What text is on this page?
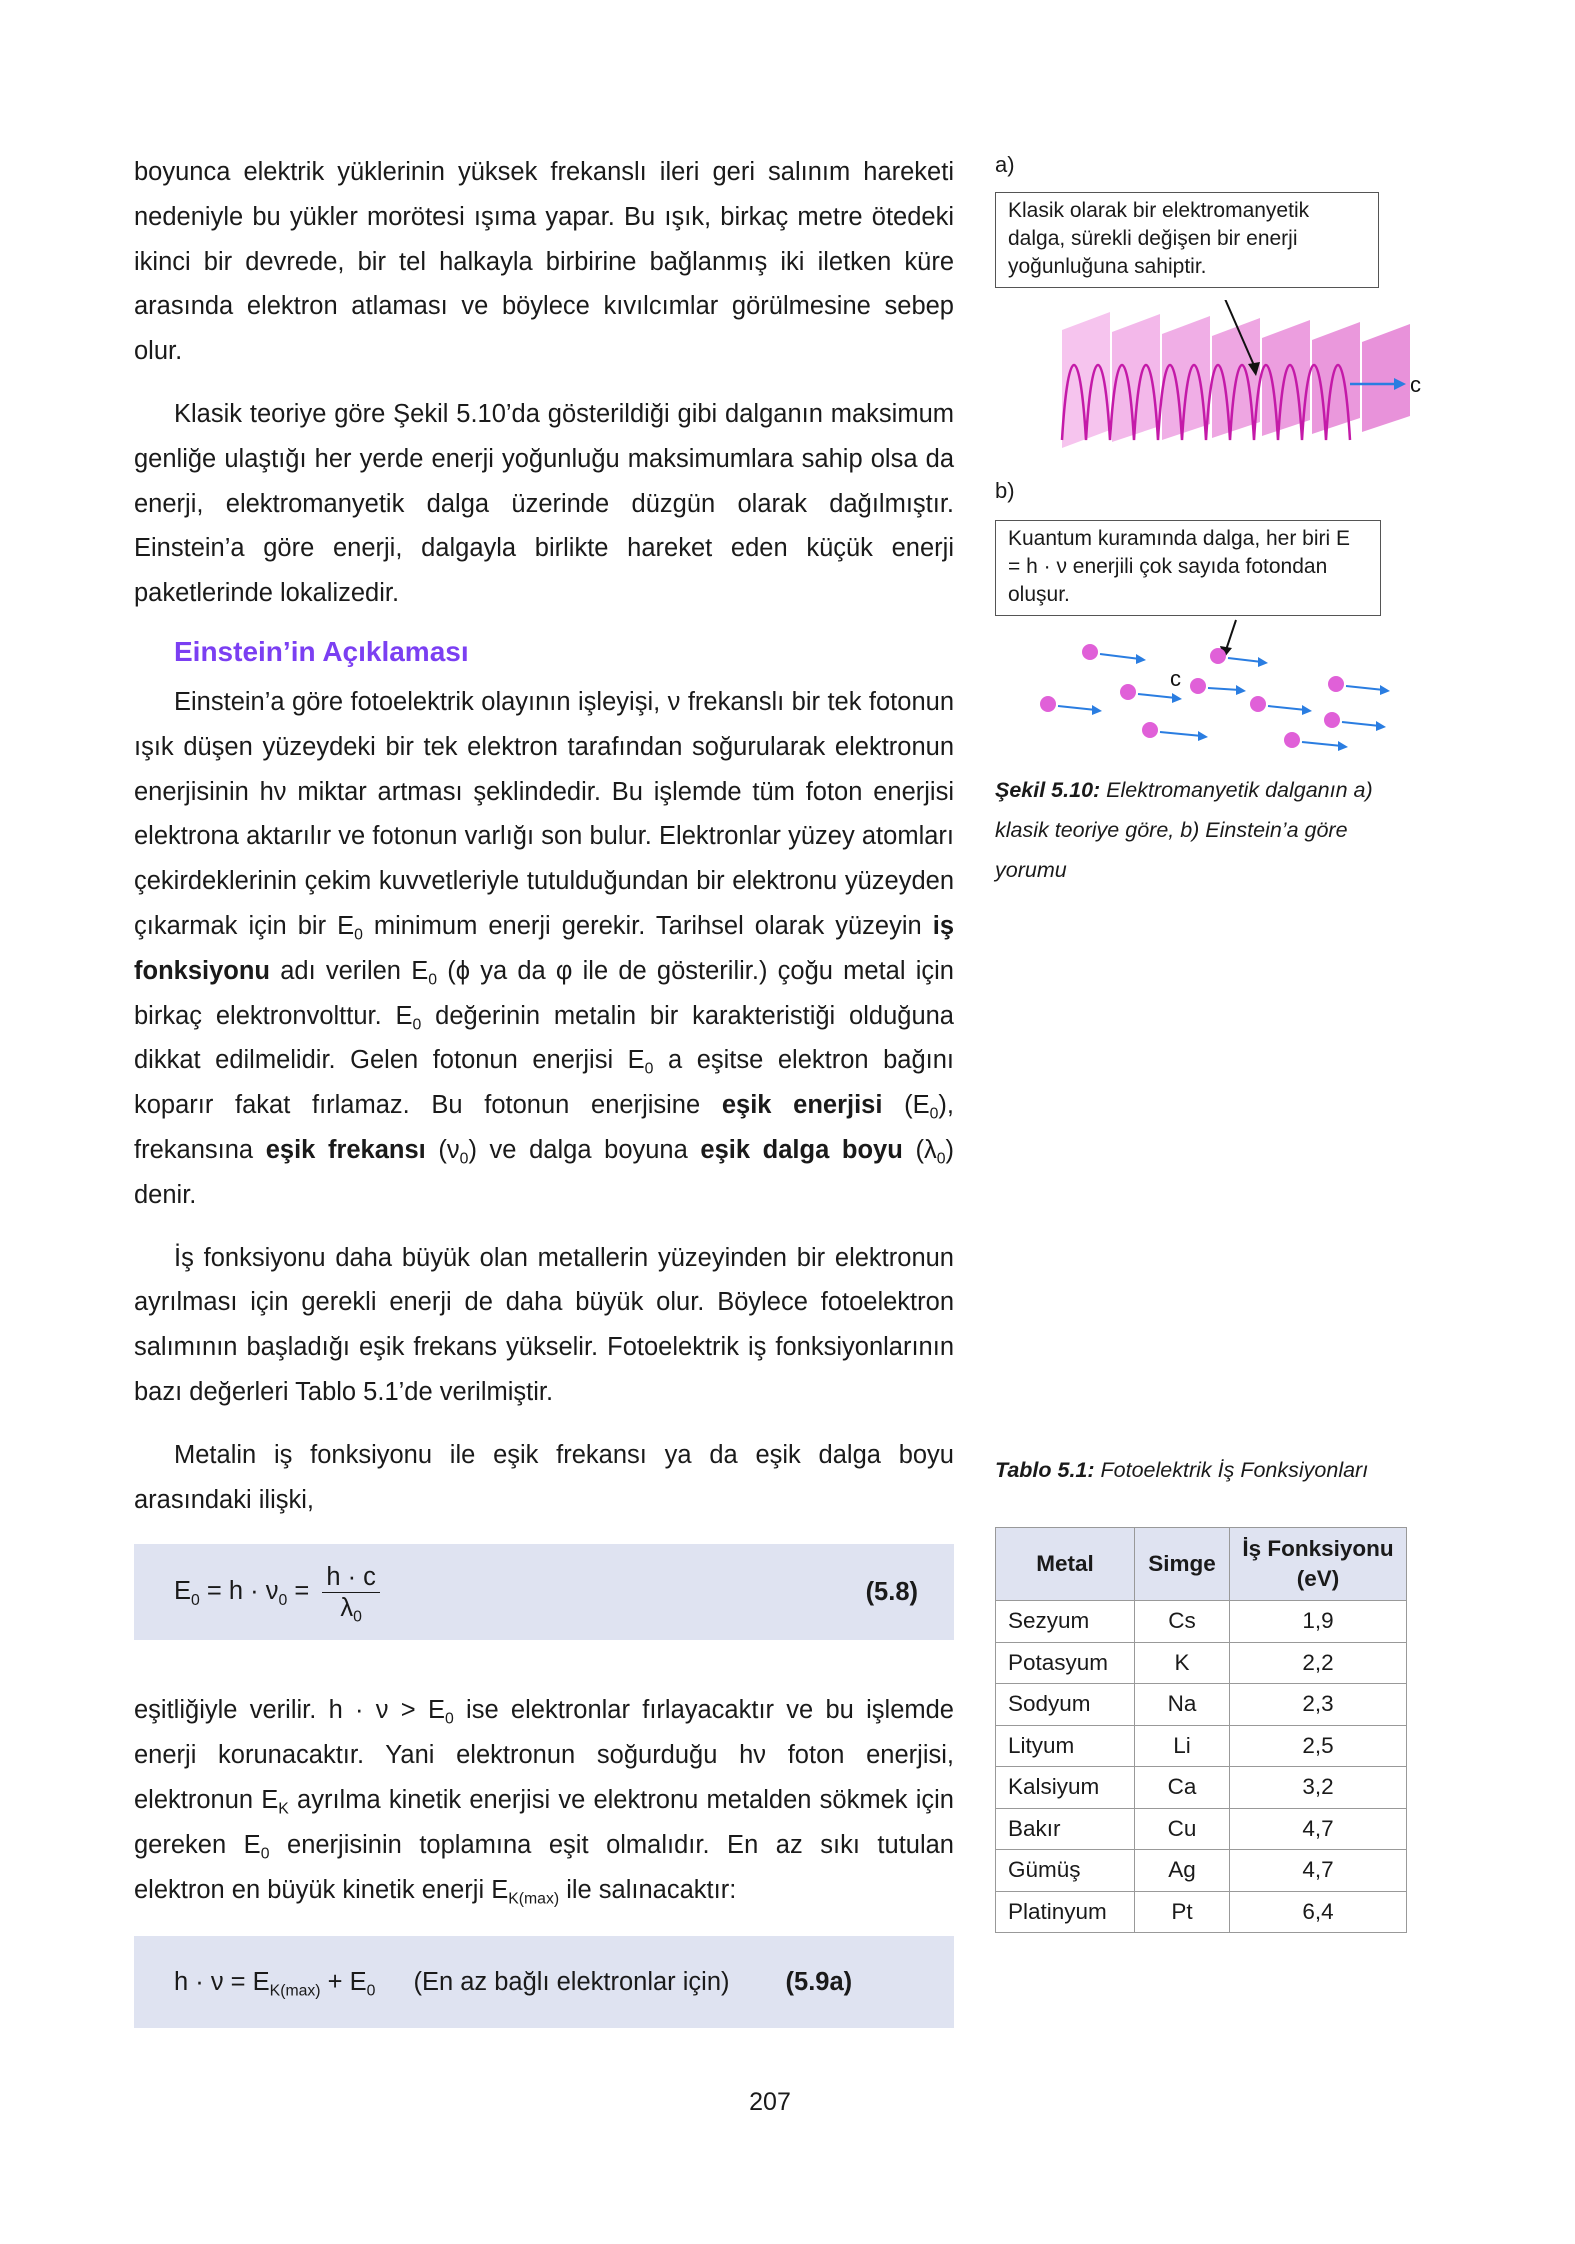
boyunca elektrik yüklerinin yüksek frekanslı ileri geri salınım hareketi nedeniyle bu yükler morötesi ışıma yapar. Bu ışık, birkaç metre ötedeki ikinci bir devrede, bir tel halkayla birbirine bağlanmış iki iletken küre arasında elektron atlaması ve böylece kıvılcımlar görülmesine sebep olur.

Klasik teoriye göre Şekil 5.10’da gösterildiği gibi dalganın maksimum genliğe ulaştığı her yerde enerji yoğunluğu maksimumlara sahip olsa da enerji, elektromanyetik dalga üzerinde düzgün olarak dağılmıştır. Einstein’a göre enerji, dalgayla birlikte hareket eden küçük enerji paketlerinde lokalizedir.

Einstein’in Açıklaması

Einstein’a göre fotoelektrik olayının işleyişi, ν frekanslı bir tek fotonun ışık düşen yüzeydeki bir tek elektron tarafından soğurularak elektronun enerjisinin hν miktar artması şeklindedir. Bu işlemde tüm foton enerjisi elektrona aktarılır ve fotonun varlığı son bulur. Elektronlar yüzey atomları çekirdeklerinin çekim kuvvetleriyle tutulduğundan bir elektronu yüzeyden çıkarmak için bir $E_0$ minimum enerji gerekir. Tarihsel olarak yüzeyin iş fonksiyonu adı verilen $E_0$ (ϕ ya da φ ile de gösterilir.) çoğu metal için birkaç elektronvolttur. $E_0$ değerinin metalin bir karakteristiği olduğuna dikkat edilmelidir. Gelen fotonun enerjisi $E_0$ a eşitse elektron bağını koparır fakat fırlamaz. Bu fotonun enerjisine eşik enerjisi $(E_0)$, frekansına eşik frekansı $(\nu_0)$ ve dalga boyuna eşik dalga boyu $(\lambda_0)$ denir.

İş fonksiyonu daha büyük olan metallerin yüzeyinden bir elektronun ayrılması için gerekli enerji de daha büyük olur. Böylece fotoelektron salımının başladığı eşik frekans yükselir. Fotoelektrik iş fonksiyonlarının bazı değerleri Tablo 5.1’de verilmiştir.

Metalin iş fonksiyonu ile eşik frekansı ya da eşik dalga boyu arasındaki ilişki,

$E_0 = h \cdot \nu_0 = \frac{h \cdot c}{\lambda_0}$	(5.8)

eşitliğiyle verilir. $h \cdot \nu > E_0$ ise elektronlar fırlayacaktır ve bu işlemde enerji korunacaktır. Yani elektronun soğurduğu hν foton enerjisi, elektronun $E_K$ ayrılma kinetik enerjisi ve elektronu metalden sökmek için gereken $E_0$ enerjisinin toplamına eşit olmalıdır. En az sıkı tutulan elektron en büyük kinetik enerji $E_{K(max)}$ ile salınacaktır:

$h \cdot \nu = E_{K(max)} + E_0$ (En az bağlı elektronlar için) (5.9a)
a)
Klasik olarak bir elektromanyetik dalga, sürekli değişen bir enerji yoğunluğuna sahiptir.
c
b)
Kuantum kuramında dalga, her biri E = h · ν enerjili çok sayıda fotondan oluşur.
c
Şekil 5.10: Elektromanyetik dalganın a) klasik teoriye göre, b) Einstein’a göre yorumu
Tablo 5.1: Fotoelektrik İş Fonksiyonları
Metal	Simge	İş Fonksiyonu (eV)
Sezyum	Cs	1,9
Potasyum	K	2,2
Sodyum	Na	2,3
Lityum	Li	2,5
Kalsiyum	Ca	3,2
Bakır	Cu	4,7
Gümüş	Ag	4,7
Platinyum	Pt	6,4
207
